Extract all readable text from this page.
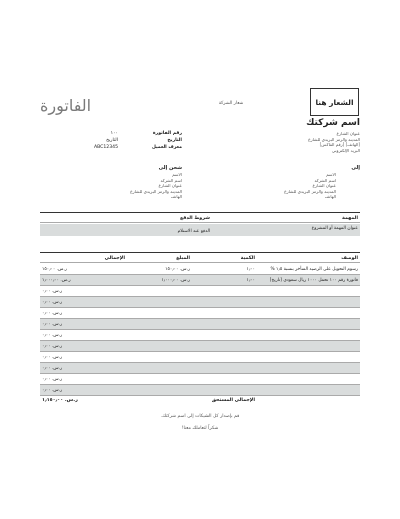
الشعار هنا
شعار الشركة
الفاتورة
اسم شركتك
عنوان الشارع
المدينة والرمز البريدي للشارع
[الهاتف] [رقم الفاكس]
البريد الإلكتروني
رقم الفاتورة
١٠٠
التاريخ
التاريخ
معرف العميل
ABC12345
إلى
الاسم
اسم الشركة
عنوان الشارع
المدينة والرمز البريدي للشارع
الهاتف
شحن إلى
الاسم
اسم الشركة
عنوان الشارع
المدينة والرمز البريدي للشارع
الهاتف
المهمة
شروط الدفع
عنوان المهمة أو المشروع
الدفع عند الاستلام
الوصف
الكمية
المبلغ
الإجمالي
رسوم التحويل على الرصيد المتأخر بنسبة ١٫٥ %
١٫٠٠
ر.س. ١٥٠٫٠٠
ر.س. ١٥٠٫٠٠
فاتورة رقم ١٠٠ تحمل ١٠٠٠ ريال سعودي [تاريخ]
١٫٠٠
ر.س. ١٫٠٠٠٫٠٠
ر.س. ١٫٠٠٠٫٠٠
ر.س. ٠٫٠٠
ر.س. ٠٫٠٠
ر.س. ٠٫٠٠
ر.س. ٠٫٠٠
ر.س. ٠٫٠٠
ر.س. ٠٫٠٠
ر.س. ٠٫٠٠
ر.س. ٠٫٠٠
ر.س. ٠٫٠٠
ر.س. ٠٫٠٠
الإجمالي المستحق
ر.س. ١٫١٥٠٫٠٠
قم بإصدار كل الشيكات إلى اسم شركتك.
شكراً لتعاملك معنا!
